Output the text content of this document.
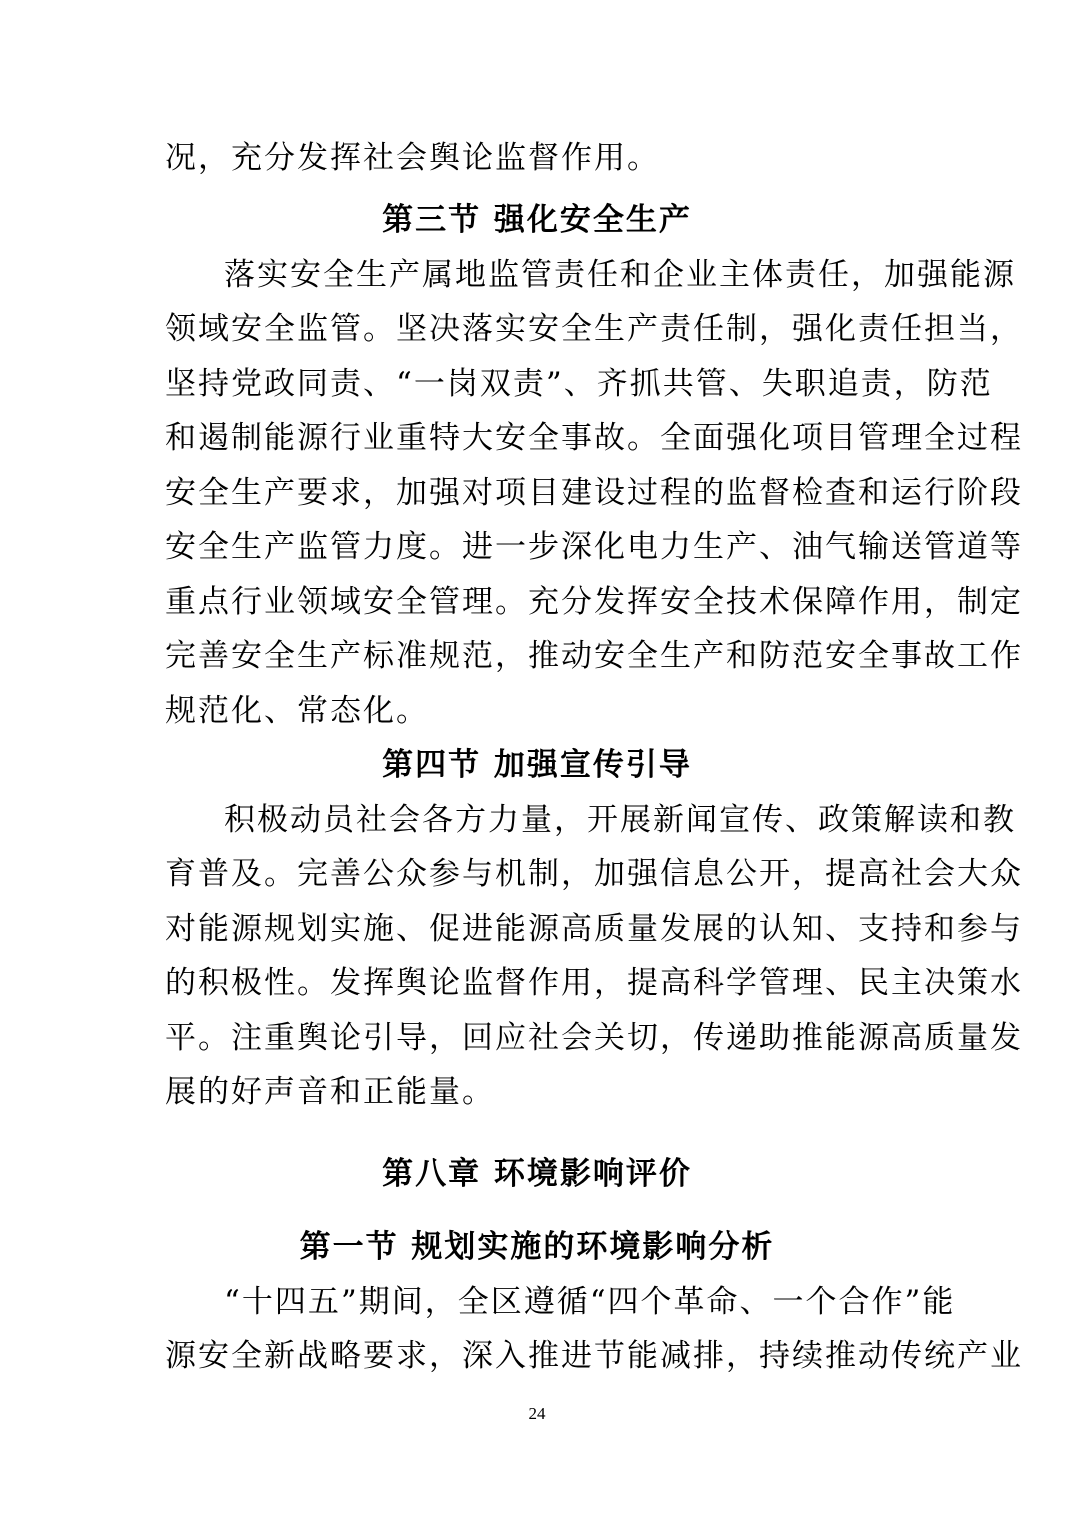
况，充分发挥社会舆论监督作用。
第三节 强化安全生产
落实安全生产属地监管责任和企业主体责任，加强能源
领域安全监管。坚决落实安全生产责任制，强化责任担当，
坚持党政同责、“一岗双责”、齐抓共管、失职追责，防范
和遏制能源行业重特大安全事故。全面强化项目管理全过程
安全生产要求，加强对项目建设过程的监督检查和运行阶段
安全生产监管力度。进一步深化电力生产、油气输送管道等
重点行业领域安全管理。充分发挥安全技术保障作用，制定
完善安全生产标准规范，推动安全生产和防范安全事故工作
规范化、常态化。
第四节 加强宣传引导
积极动员社会各方力量，开展新闻宣传、政策解读和教
育普及。完善公众参与机制，加强信息公开，提高社会大众
对能源规划实施、促进能源高质量发展的认知、支持和参与
的积极性。发挥舆论监督作用，提高科学管理、民主决策水
平。注重舆论引导，回应社会关切，传递助推能源高质量发
展的好声音和正能量。
第八章 环境影响评价
第一节 规划实施的环境影响分析
“十四五”期间，全区遵循“四个革命、一个合作”能
源安全新战略要求，深入推进节能减排，持续推动传统产业
24
